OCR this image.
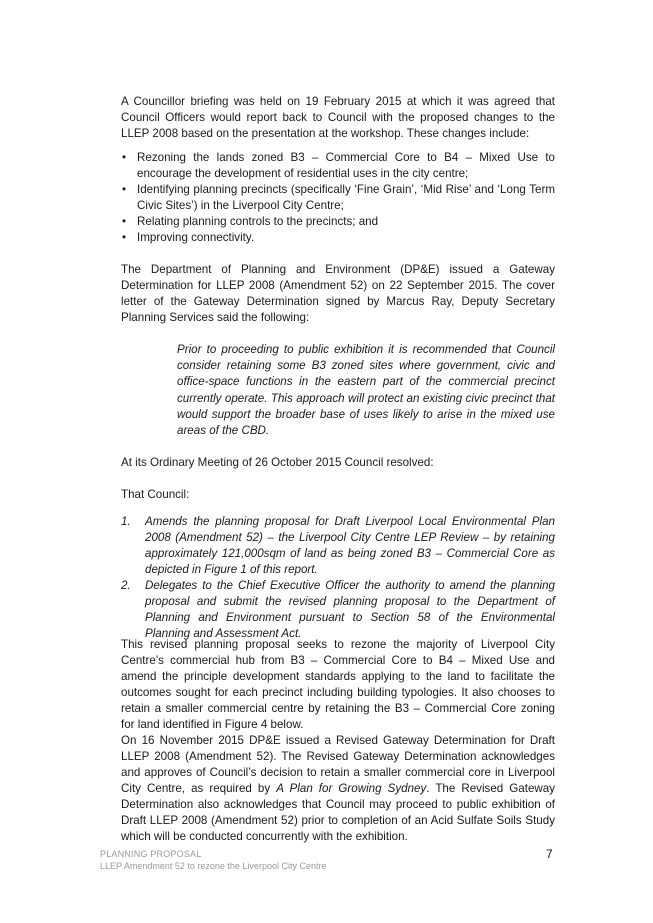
A Councillor briefing was held on 19 February 2015 at which it was agreed that Council Officers would report back to Council with the proposed changes to the LLEP 2008 based on the presentation at the workshop. These changes include:

• Rezoning the lands zoned B3 – Commercial Core to B4 – Mixed Use to encourage the development of residential uses in the city centre;
• Identifying planning precincts (specifically ‘Fine Grain’, ‘Mid Rise’ and ‘Long Term Civic Sites’) in the Liverpool City Centre;
• Relating planning controls to the precincts; and
• Improving connectivity.

The Department of Planning and Environment (DP&E) issued a Gateway Determination for LLEP 2008 (Amendment 52) on 22 September 2015. The cover letter of the Gateway Determination signed by Marcus Ray, Deputy Secretary Planning Services said the following:

Prior to proceeding to public exhibition it is recommended that Council consider retaining some B3 zoned sites where government, civic and office-space functions in the eastern part of the commercial precinct currently operate. This approach will protect an existing civic precinct that would support the broader base of uses likely to arise in the mixed use areas of the CBD.

At its Ordinary Meeting of 26 October 2015 Council resolved:

That Council:

1. Amends the planning proposal for Draft Liverpool Local Environmental Plan 2008 (Amendment 52) – the Liverpool City Centre LEP Review – by retaining approximately 121,000sqm of land as being zoned B3 – Commercial Core as depicted in Figure 1 of this report.
2. Delegates to the Chief Executive Officer the authority to amend the planning proposal and submit the revised planning proposal to the Department of Planning and Environment pursuant to Section 58 of the Environmental Planning and Assessment Act.

This revised planning proposal seeks to rezone the majority of Liverpool City Centre’s commercial hub from B3 – Commercial Core to B4 – Mixed Use and amend the principle development standards applying to the land to facilitate the outcomes sought for each precinct including building typologies. It also chooses to retain a smaller commercial centre by retaining the B3 – Commercial Core zoning for land identified in Figure 4 below.

On 16 November 2015 DP&E issued a Revised Gateway Determination for Draft LLEP 2008 (Amendment 52). The Revised Gateway Determination acknowledges and approves of Council’s decision to retain a smaller commercial core in Liverpool City Centre, as required by A Plan for Growing Sydney. The Revised Gateway Determination also acknowledges that Council may proceed to public exhibition of Draft LLEP 2008 (Amendment 52) prior to completion of an Acid Sulfate Soils Study which will be conducted concurrently with the exhibition.

PLANNING PROPOSAL
LLEP Amendment 52 to rezone the Liverpool City Centre
7
